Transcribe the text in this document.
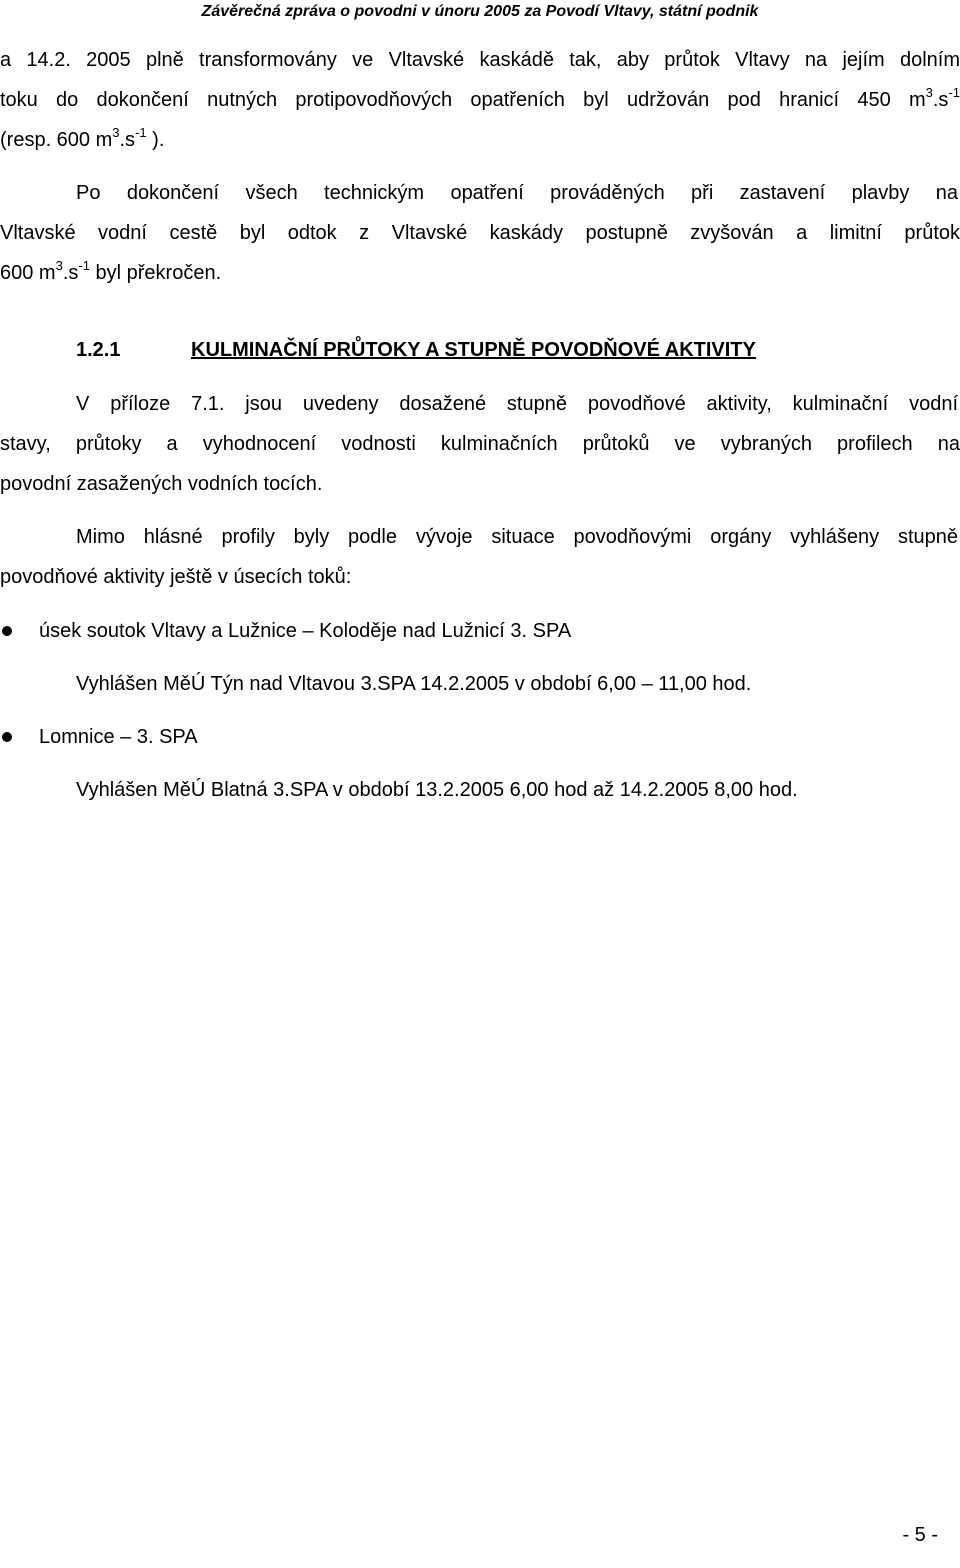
Závěrečná zpráva o povodni v únoru 2005 za Povodí Vltavy, státní podnik
a 14.2. 2005 plně transformovány ve Vltavské kaskádě tak, aby průtok Vltavy na jejím dolním
toku do dokončení nutných protipovodňových opatřeních byl udržován pod hranicí 450 $m^3.s^{-1}$
(resp. 600 $m^3.s^{-1}$ ).
Po dokončení všech technickým opatření prováděných při zastavení plavby na
Vltavské vodní cestě byl odtok z Vltavské kaskády postupně zvyšován a limitní průtok
600 $m^3.s^{-1}$ byl překročen.
1.2.1	KULMINAČNÍ PRŮTOKY A STUPNĚ POVODŇOVÉ AKTIVITY
V příloze 7.1. jsou uvedeny dosažené stupně povodňové aktivity, kulminační vodní
stavy, průtoky a vyhodnocení vodnosti kulminačních průtoků ve vybraných profilech na
povodní zasažených vodních tocích.
Mimo hlásné profily byly podle vývoje situace povodňovými orgány vyhlášeny stupně
povodňové aktivity ještě v úsecích toků:
úsek soutok Vltavy a Lužnice – Koloděje nad Lužnicí 3. SPA
Vyhlášen MěÚ Týn nad Vltavou 3.SPA 14.2.2005 v období 6,00 – 11,00 hod.
Lomnice – 3. SPA
Vyhlášen MěÚ Blatná 3.SPA v období 13.2.2005 6,00 hod až 14.2.2005 8,00 hod.
- 5 -
